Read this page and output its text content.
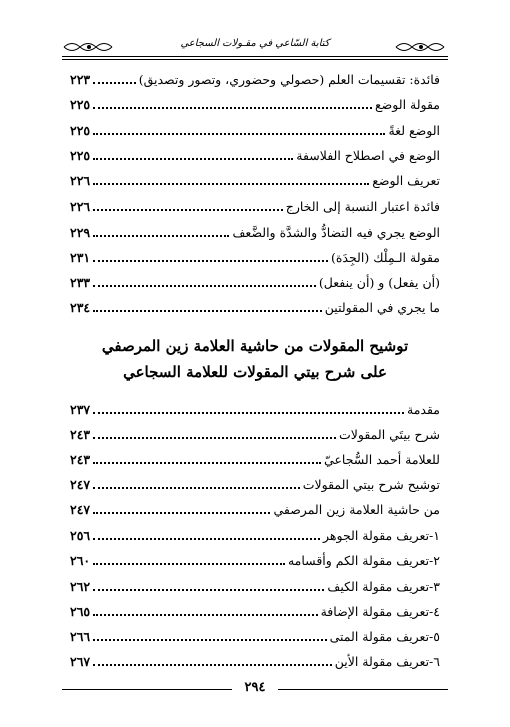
كتابة السّاعي في مقـولات السجاعي
فائدة: تقسيمات العلم (حصولي وحضوري، وتصور وتصديق)
٢٢٣
مقولة الوضع
٢٢٥
الوضع لغةً
٢٢٥
الوضع في اصطلاح الفلاسفة
٢٢٥
تعريف الوضع
٢٢٦
فائدة اعتبار النسبة إلى الخارج
٢٢٦
الوضع يجري فيه التضادُّ والشدَّة والضَّعف
٢٢٩
مقولة الـمِلْك (الجِدَة)
٢٣١
(أن يفعل) و (أن ينفعل)
٢٣٣
ما يجري في المقولتين
٢٣٤
توشيح المقولات من حاشية العلامة زين المرصفي
على شرح بيتي المقولات للعلامة السجاعي
مقدمة
٢٣٧
شرح بيتَي المقولات
٢٤٣
للعلامة أحمد السُّجاعيّ
٢٤٣
توشيح شرح بيتي المقولات
٢٤٧
من حاشية العلامة زين المرصفي
٢٤٧
١-تعريف مقولة الجوهر
٢٥٦
٢-تعريف مقولة الكم وأقسامه
٢٦٠
٣-تعريف مقولة الكيف
٢٦٢
٤-تعريف مقولة الإضافة
٢٦٥
٥-تعريف مقولة المتى
٢٦٦
٦-تعريف مقولة الأين
٢٦٧
٢٩٤
